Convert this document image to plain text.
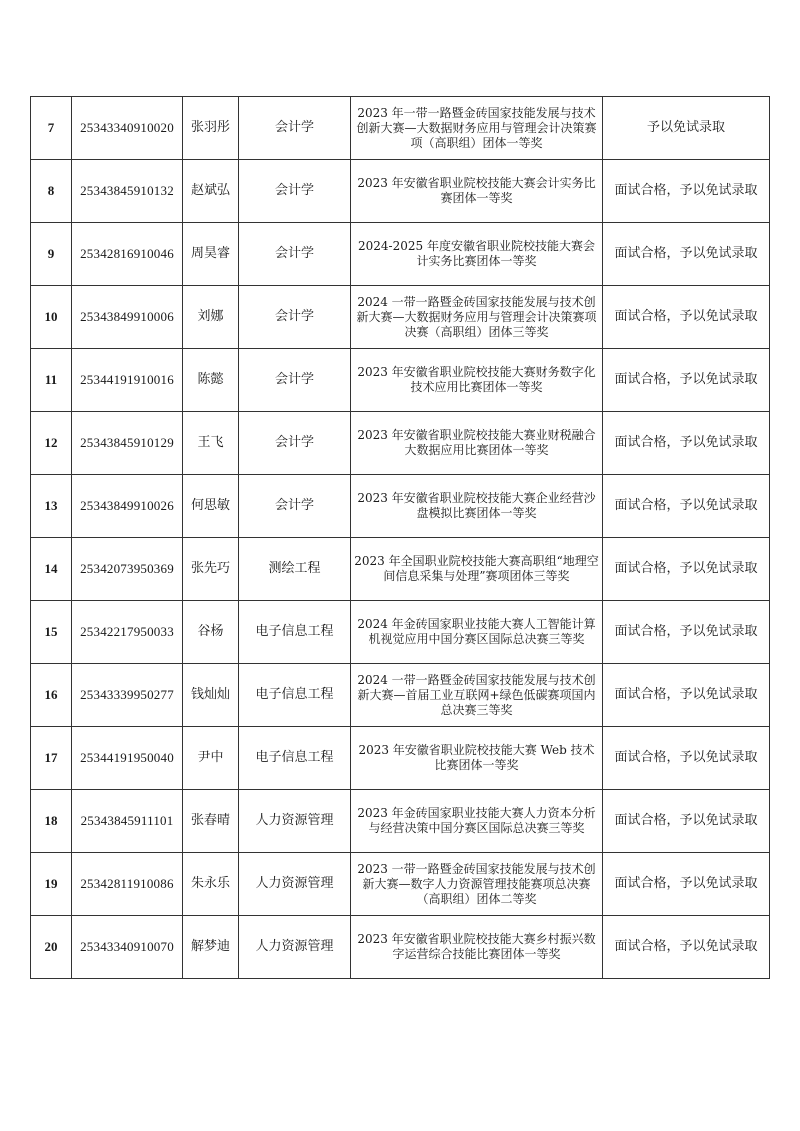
7	25343340910020	张羽彤	会计学	2023 年一带一路暨金砖国家技能发展与技术创新大赛—大数据财务应用与管理会计决策赛项（高职组）团体一等奖	予以免试录取
8	25343845910132	赵斌弘	会计学	2023 年安徽省职业院校技能大赛会计实务比赛团体一等奖	面试合格，予以免试录取
9	25342816910046	周昊睿	会计学	2024-2025 年度安徽省职业院校技能大赛会计实务比赛团体一等奖	面试合格，予以免试录取
10	25343849910006	刘娜	会计学	2024 一带一路暨金砖国家技能发展与技术创新大赛—大数据财务应用与管理会计决策赛项决赛（高职组）团体三等奖	面试合格，予以免试录取
11	25344191910016	陈懿	会计学	2023 年安徽省职业院校技能大赛财务数字化技术应用比赛团体一等奖	面试合格，予以免试录取
12	25343845910129	王飞	会计学	2023 年安徽省职业院校技能大赛业财税融合大数据应用比赛团体一等奖	面试合格，予以免试录取
13	25343849910026	何思敏	会计学	2023 年安徽省职业院校技能大赛企业经营沙盘模拟比赛团体一等奖	面试合格，予以免试录取
14	25342073950369	张先巧	测绘工程	2023 年全国职业院校技能大赛高职组“地理空间信息采集与处理”赛项团体三等奖	面试合格，予以免试录取
15	25342217950033	谷杨	电子信息工程	2024 年金砖国家职业技能大赛人工智能计算机视觉应用中国分赛区国际总决赛三等奖	面试合格，予以免试录取
16	25343339950277	钱灿灿	电子信息工程	2024 一带一路暨金砖国家技能发展与技术创新大赛—首届工业互联网+绿色低碳赛项国内总决赛三等奖	面试合格，予以免试录取
17	25344191950040	尹中	电子信息工程	2023 年安徽省职业院校技能大赛 Web 技术比赛团体一等奖	面试合格，予以免试录取
18	25343845911101	张春晴	人力资源管理	2023 年金砖国家职业技能大赛人力资本分析与经营决策中国分赛区国际总决赛三等奖	面试合格，予以免试录取
19	25342811910086	朱永乐	人力资源管理	2023 一带一路暨金砖国家技能发展与技术创新大赛—数字人力资源管理技能赛项总决赛（高职组）团体二等奖	面试合格，予以免试录取
20	25343340910070	解梦迪	人力资源管理	2023 年安徽省职业院校技能大赛乡村振兴数字运营综合技能比赛团体一等奖	面试合格，予以免试录取
